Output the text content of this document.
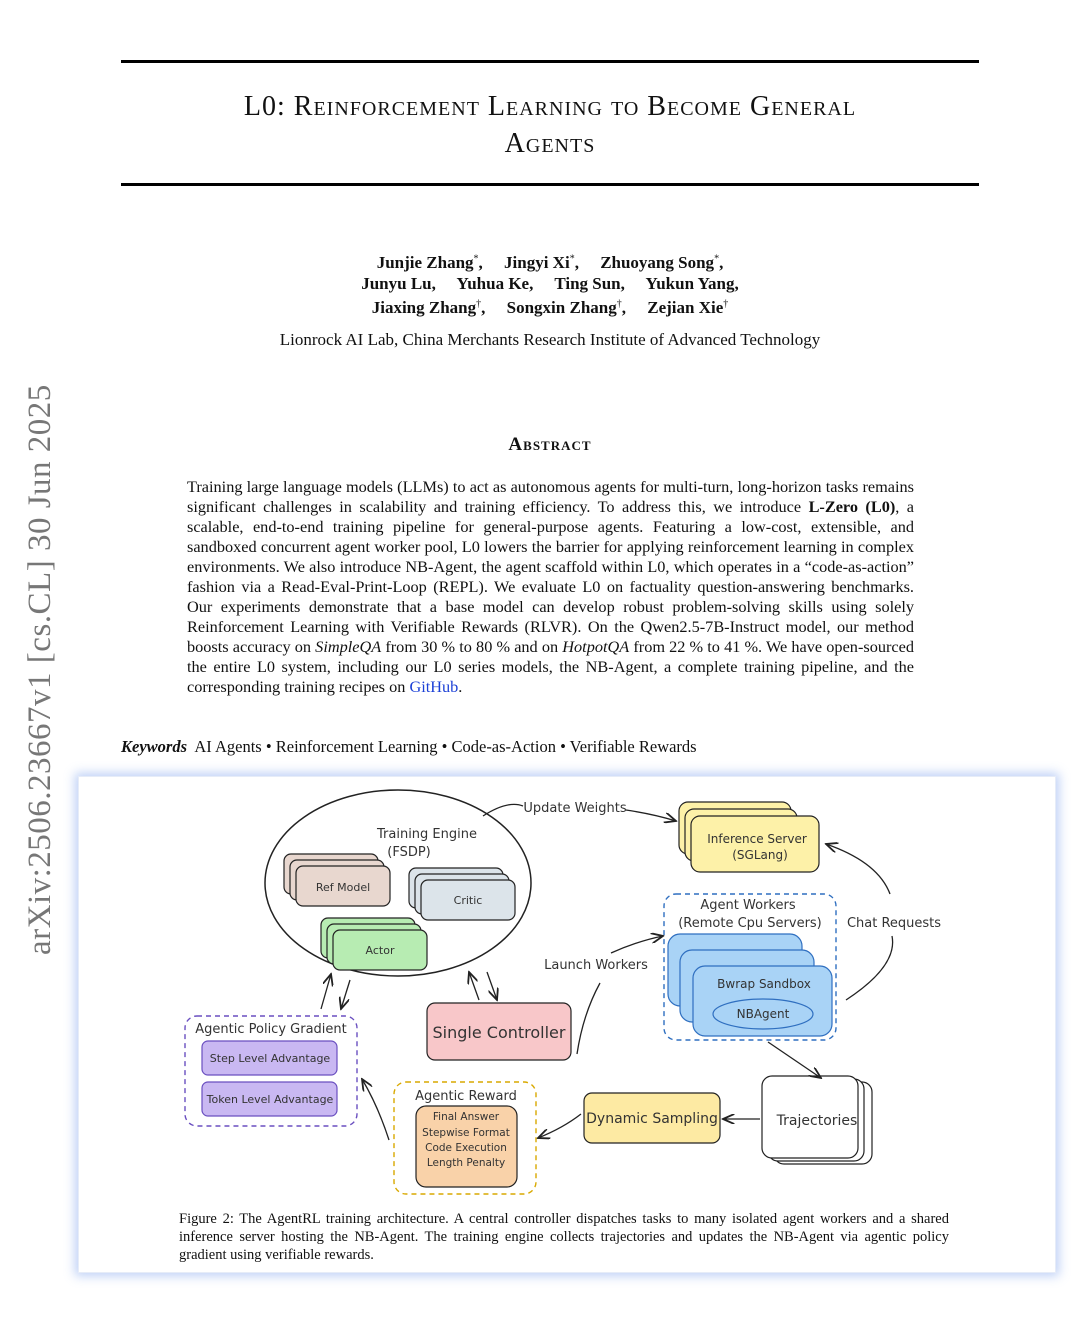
L0: Reinforcement Learning to Become General
Agents
Junjie Zhang*, Jingyi Xi*, Zhuoyang Song*,
Junyu Lu, Yuhua Ke, Ting Sun, Yukun Yang,
Jiaxing Zhang†, Songxin Zhang†, Zejian Xie†
Lionrock AI Lab, China Merchants Research Institute of Advanced Technology
Abstract
Training large language models (LLMs) to act as autonomous agents for multi-turn, long-horizon tasks remains significant challenges in scalability and training efficiency. To address this, we introduce L-Zero (L0), a scalable, end-to-end training pipeline for general-purpose agents. Featuring a low-cost, extensible, and sandboxed concurrent agent worker pool, L0 lowers the barrier for applying reinforcement learning in complex environments. We also introduce NB-Agent, the agent scaffold within L0, which operates in a “code-as-action” fashion via a Read-Eval-Print-Loop (REPL). We evaluate L0 on factuality question-answering benchmarks. Our experiments demonstrate that a base model can develop robust problem-solving skills using solely Reinforcement Learning with Verifiable Rewards (RLVR). On the Qwen2.5-7B-Instruct model, our method boosts accuracy on SimpleQA from 30 % to 80 % and on HotpotQA from 22 % to 41 %. We have open-sourced the entire L0 system, including our L0 series models, the NB-Agent, a complete training pipeline, and the corresponding training recipes on GitHub.
Keywords AI Agents • Reinforcement Learning • Code-as-Action • Verifiable Rewards
arXiv:2506.23667v1 [cs.CL] 30 Jun 2025	Training Engine
(FSDP)
Ref Model
Critic
Actor
Inference Server
(SGLang)
Update Weights
Agent Workers
(Remote Cpu Servers)
Bwrap Sandbox
NBAgent
Chat Requests
Single Controller
Launch Workers
Agentic Policy Gradient
Step Level Advantage
Token Level Advantage	Agentic Reward
Final Answer
Stepwise Format
Code Execution
Length Penalty
Dynamic Sampling	Trajectories
Figure 2: The AgentRL training architecture. A central controller dispatches tasks to many isolated agent workers and a shared inference server hosting the NB-Agent. The training engine collects trajectories and updates the NB-Agent via agentic policy gradient using verifiable rewards.
